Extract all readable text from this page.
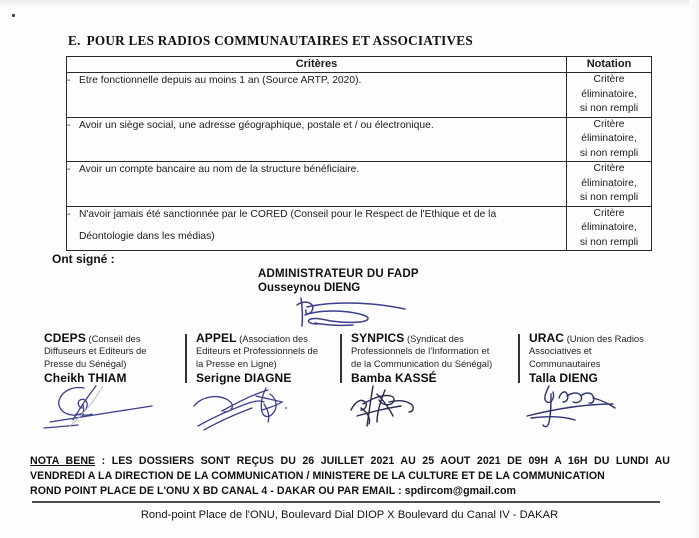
E. POUR LES RADIOS COMMUNAUTAIRES ET ASSOCIATIVES
Critères	Notation

- Etre fonctionnelle depuis au moins 1 an (Source ARTP, 2020).	Critère
éliminatoire,
si non rempli

- Avoir un siège social, une adresse géographique, postale et / ou électronique.	Critère
éliminatoire,
si non rempli

- Avoir un compte bancaire au nom de la structure bénéficiaire.	Critère
éliminatoire,
si non rempli

- N'avoir jamais été sanctionnée par le CORED (Conseil pour le Respect de l'Ethique et de la
Déontologie dans les médias)

Critère
éliminatoire,
si non rempli
Ont signé :
ADMINISTRATEUR DU FADP
Ousseynou DIENG
CDEPS (Conseil des
Diffuseurs et Editeurs de
Presse du Sénégal)
Cheikh THIAM
APPEL (Association des
Editeurs et Professionnels de
la Presse en Ligne)
Serigne DIAGNE
SYNPICS (Syndicat des
Professionnels de l'Information et
de la Communication du Sénégal)
Bamba KASSÉ
URAC (Union des Radios
Associatives et
Communautaires
Talla DIENG
NOTA BENE : LES DOSSIERS SONT REÇUS DU 26 JUILLET 2021 AU 25 AOUT 2021 DE 09H A 16H DU LUNDI AU
VENDREDI A LA DIRECTION DE LA COMMUNICATION / MINISTERE DE LA CULTURE ET DE LA COMMUNICATION
ROND POINT PLACE DE L'ONU X BD CANAL 4 - DAKAR OU PAR EMAIL : spdircom@gmail.com
Rond-point Place de l'ONU, Boulevard Dial DIOP X Boulevard du Canal IV - DAKAR
